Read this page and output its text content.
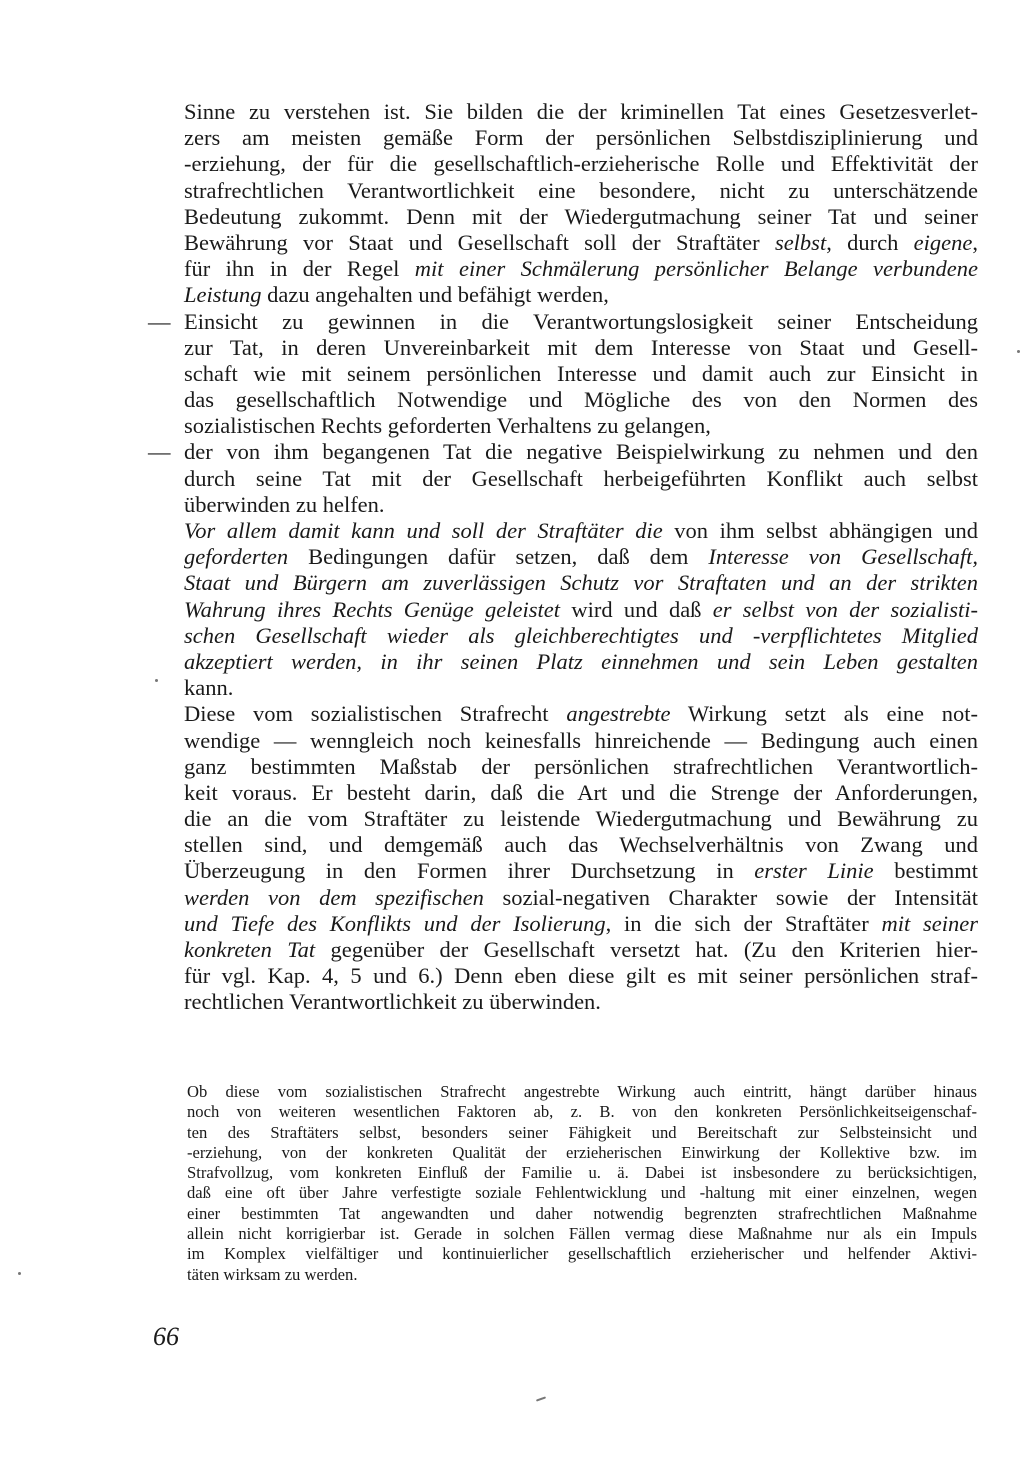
Sinne zu verstehen ist. Sie bilden die der kriminellen Tat eines Gesetzesverlet-
zers am meisten gemäße Form der persönlichen Selbstdisziplinierung und
-erziehung, der für die gesellschaftlich-erzieherische Rolle und Effektivität der
strafrechtlichen Verantwortlichkeit eine besondere, nicht zu unterschätzende
Bedeutung zukommt. Denn mit der Wiedergutmachung seiner Tat und seiner
Bewährung vor Staat und Gesellschaft soll der Straftäter selbst, durch eigene,
für ihn in der Regel mit einer Schmälerung persönlicher Belange verbundene
Leistung dazu angehalten und befähigt werden,
— Einsicht zu gewinnen in die Verantwortungslosigkeit seiner Entscheidung
zur Tat, in deren Unvereinbarkeit mit dem Interesse von Staat und Gesell-
schaft wie mit seinem persönlichen Interesse und damit auch zur Einsicht in
das gesellschaftlich Notwendige und Mögliche des von den Normen des
sozialistischen Rechts geforderten Verhaltens zu gelangen,
— der von ihm begangenen Tat die negative Beispielwirkung zu nehmen und den
durch seine Tat mit der Gesellschaft herbeigeführten Konflikt auch selbst
überwinden zu helfen.
Vor allem damit kann und soll der Straftäter die von ihm selbst abhängigen und
geforderten Bedingungen dafür setzen, daß dem Interesse von Gesellschaft,
Staat und Bürgern am zuverlässigen Schutz vor Straftaten und an der strikten
Wahrung ihres Rechts Genüge geleistet wird und daß er selbst von der sozialisti-
schen Gesellschaft wieder als gleichberechtigtes und -verpflichtetes Mitglied
akzeptiert werden, in ihr seinen Platz einnehmen und sein Leben gestalten
kann.
Diese vom sozialistischen Strafrecht angestrebte Wirkung setzt als eine not-
wendige — wenngleich noch keinesfalls hinreichende — Bedingung auch einen
ganz bestimmten Maßstab der persönlichen strafrechtlichen Verantwortlich-
keit voraus. Er besteht darin, daß die Art und die Strenge der Anforderungen,
die an die vom Straftäter zu leistende Wiedergutmachung und Bewährung zu
stellen sind, und demgemäß auch das Wechselverhältnis von Zwang und
Überzeugung in den Formen ihrer Durchsetzung in erster Linie bestimmt
werden von dem spezifischen sozial-negativen Charakter sowie der Intensität
und Tiefe des Konflikts und der Isolierung, in die sich der Straftäter mit seiner
konkreten Tat gegenüber der Gesellschaft versetzt hat. (Zu den Kriterien hier-
für vgl. Kap. 4, 5 und 6.) Denn eben diese gilt es mit seiner persönlichen straf-
rechtlichen Verantwortlichkeit zu überwinden.
Ob diese vom sozialistischen Strafrecht angestrebte Wirkung auch eintritt, hängt darüber hinaus
noch von weiteren wesentlichen Faktoren ab, z. B. von den konkreten Persönlichkeitseigenschaf-
ten des Straftäters selbst, besonders seiner Fähigkeit und Bereitschaft zur Selbsteinsicht und
-erziehung, von der konkreten Qualität der erzieherischen Einwirkung der Kollektive bzw. im
Strafvollzug, vom konkreten Einfluß der Familie u. ä. Dabei ist insbesondere zu berücksichtigen,
daß eine oft über Jahre verfestigte soziale Fehlentwicklung und -haltung mit einer einzelnen, wegen
einer bestimmten Tat angewandten und daher notwendig begrenzten strafrechtlichen Maßnahme
allein nicht korrigierbar ist. Gerade in solchen Fällen vermag diese Maßnahme nur als ein Impuls
im Komplex vielfältiger und kontinuierlicher gesellschaftlich erzieherischer und helfender Aktivi-
täten wirksam zu werden.
66
